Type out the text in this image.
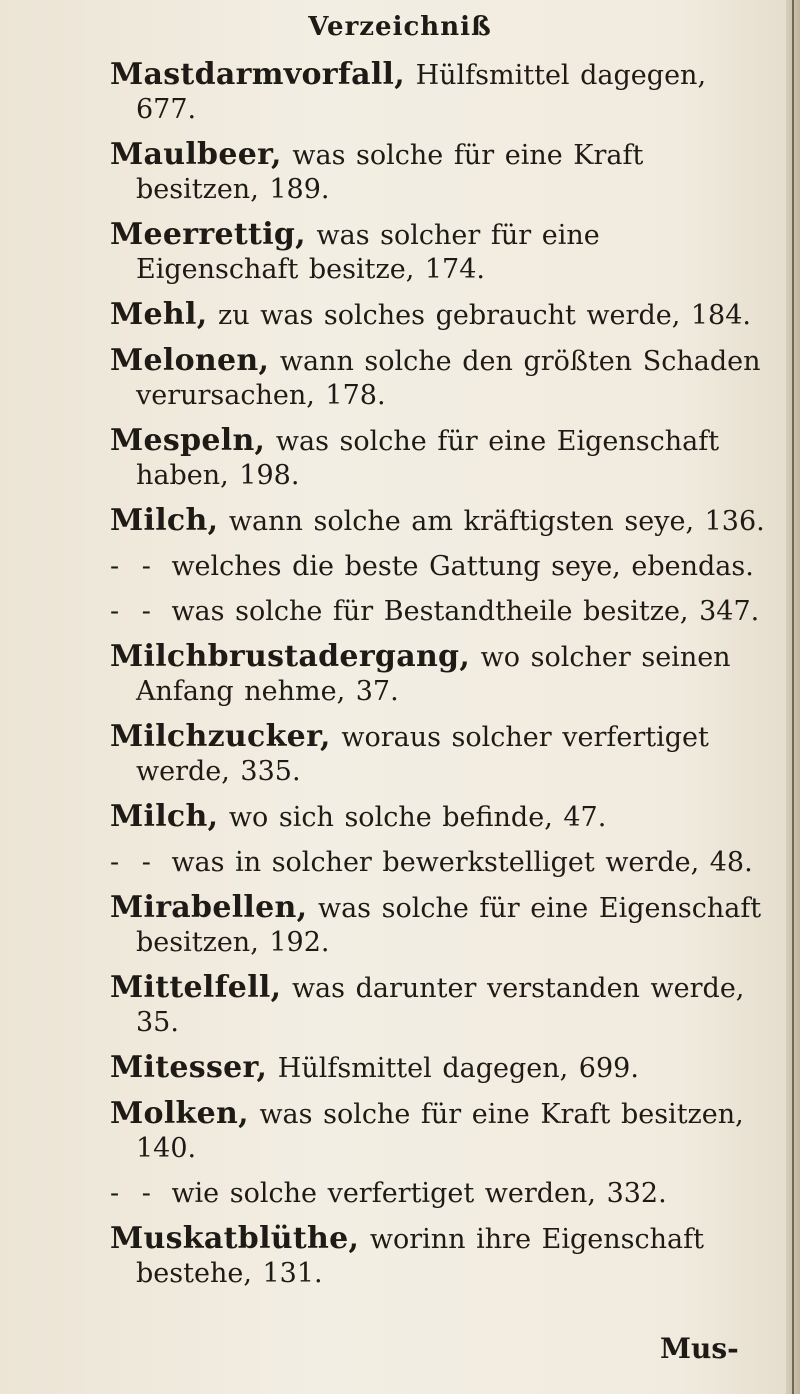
Verzeichniß
Mastdarmvorfall, Hülfsmittel dagegen, 677.
Maulbeer, was solche für eine Kraft besitzen, 189.
Meerrettig, was solcher für eine Eigenschaft besitze, 174.
Mehl, zu was solches gebraucht werde, 184.
Melonen, wann solche den größten Schaden verursachen, 178.
Mespeln, was solche für eine Eigenschaft haben, 198.
Milch, wann solche am kräftigsten seye, 136.
- - welches die beste Gattung seye, ebendas.
- - was solche für Bestandtheile besitze, 347.
Milchbrustadergang, wo solcher seinen Anfang nehme, 37.
Milchzucker, woraus solcher verfertiget werde, 335.
Milch, wo sich solche befinde, 47.
- - was in solcher bewerkstelliget werde, 48.
Mirabellen, was solche für eine Eigenschaft besitzen, 192.
Mittelfell, was darunter verstanden werde, 35.
Mitesser, Hülfsmittel dagegen, 699.
Molken, was solche für eine Kraft besitzen, 140.
- - wie solche verfertiget werden, 332.
Muskatblüthe, worinn ihre Eigenschaft bestehe, 131.
Mus-
